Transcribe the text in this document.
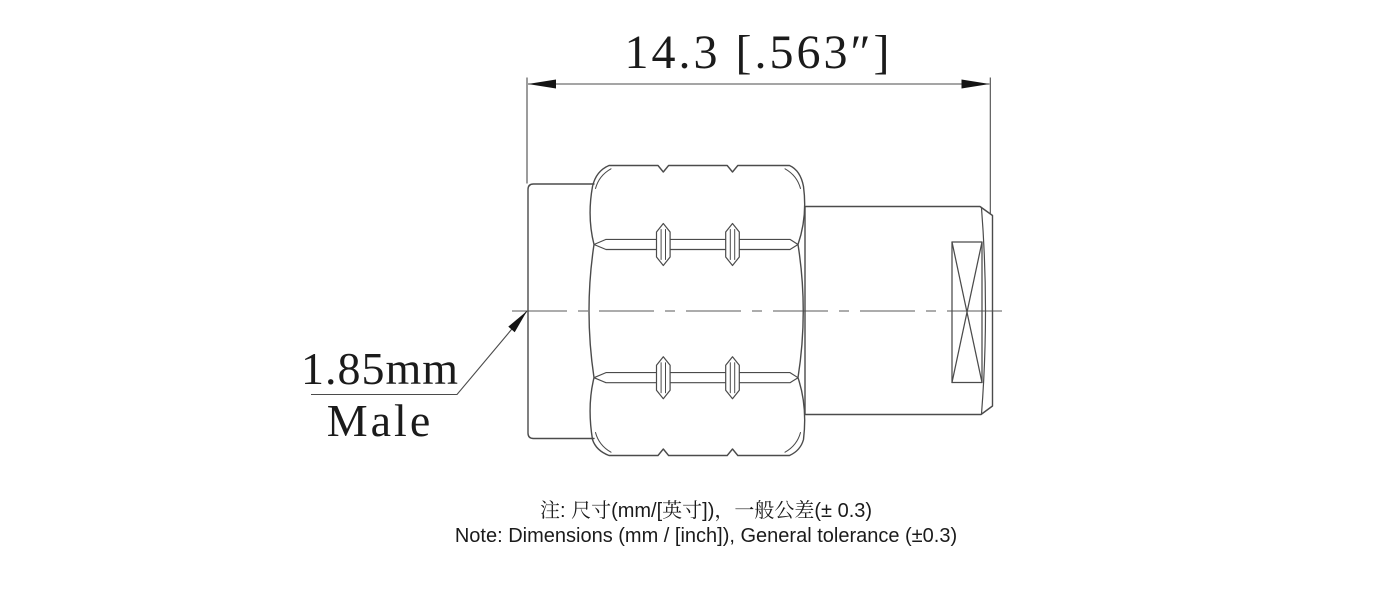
14.3 [.563″]
1.85mm
Male
注: 尺寸(mm/[英寸])，一般公差(± 0.3)
Note: Dimensions (mm / [inch]), General tolerance (±0.3)
